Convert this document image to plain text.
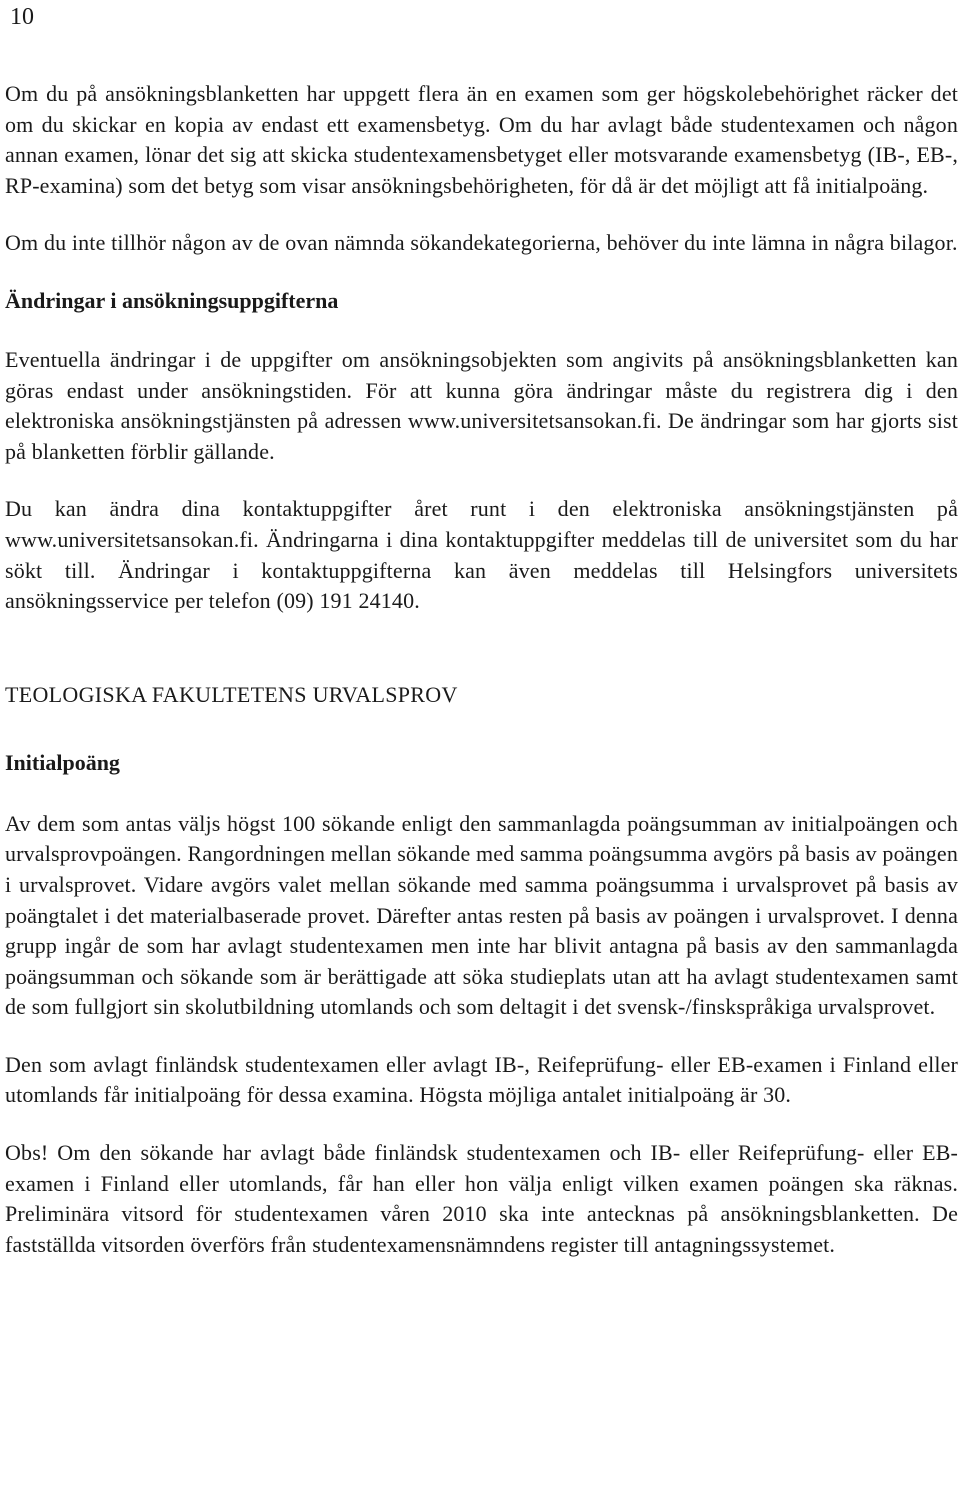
10

Om du på ansökningsblanketten har uppgett flera än en examen som ger högskolebehörighet räcker det om du skickar en kopia av endast ett examensbetyg. Om du har avlagt både studentexamen och någon annan examen, lönar det sig att skicka studentexamensbetyget eller motsvarande examensbetyg (IB-, EB-, RP-examina) som det betyg som visar ansökningsbehörigheten, för då är det möjligt att få initialpoäng.

Om du inte tillhör någon av de ovan nämnda sökandekategorierna, behöver du inte lämna in några bilagor.

Ändringar i ansökningsuppgifterna

Eventuella ändringar i de uppgifter om ansökningsobjekten som angivits på ansökningsblanketten kan göras endast under ansökningstiden. För att kunna göra ändringar måste du registrera dig i den elektroniska ansökningstjänsten på adressen www.universitetsansokan.fi. De ändringar som har gjorts sist på blanketten förblir gällande.

Du kan ändra dina kontaktuppgifter året runt i den elektroniska ansökningstjänsten på www.universitetsansokan.fi. Ändringarna i dina kontaktuppgifter meddelas till de universitet som du har sökt till. Ändringar i kontaktuppgifterna kan även meddelas till Helsingfors universitets ansökningsservice per telefon (09) 191 24140.

TEOLOGISKA FAKULTETENS URVALSPROV
Initialpoäng

Av dem som antas väljs högst 100 sökande enligt den sammanlagda poängsumman av initialpoängen och urvalsprovpoängen. Rangordningen mellan sökande med samma poängsumma avgörs på basis av poängen i urvalsprovet. Vidare avgörs valet mellan sökande med samma poängsumma i urvalsprovet på basis av poängtalet i det materialbaserade provet. Därefter antas resten på basis av poängen i urvalsprovet. I denna grupp ingår de som har avlagt studentexamen men inte har blivit antagna på basis av den sammanlagda poängsumman och sökande som är berättigade att söka studieplats utan att ha avlagt studentexamen samt de som fullgjort sin skolutbildning utomlands och som deltagit i det svensk-/finskspråkiga urvalsprovet.

Den som avlagt finländsk studentexamen eller avlagt IB-, Reifeprüfung- eller EB-examen i Finland eller utomlands får initialpoäng för dessa examina. Högsta möjliga antalet initialpoäng är 30.

Obs! Om den sökande har avlagt både finländsk studentexamen och IB- eller Reifeprüfung- eller EB-examen i Finland eller utomlands, får han eller hon välja enligt vilken examen poängen ska räknas. Preliminära vitsord för studentexamen våren 2010 ska inte antecknas på ansökningsblanketten. De fastställda vitsorden överförs från studentexamensnämndens register till antagningssystemet.
